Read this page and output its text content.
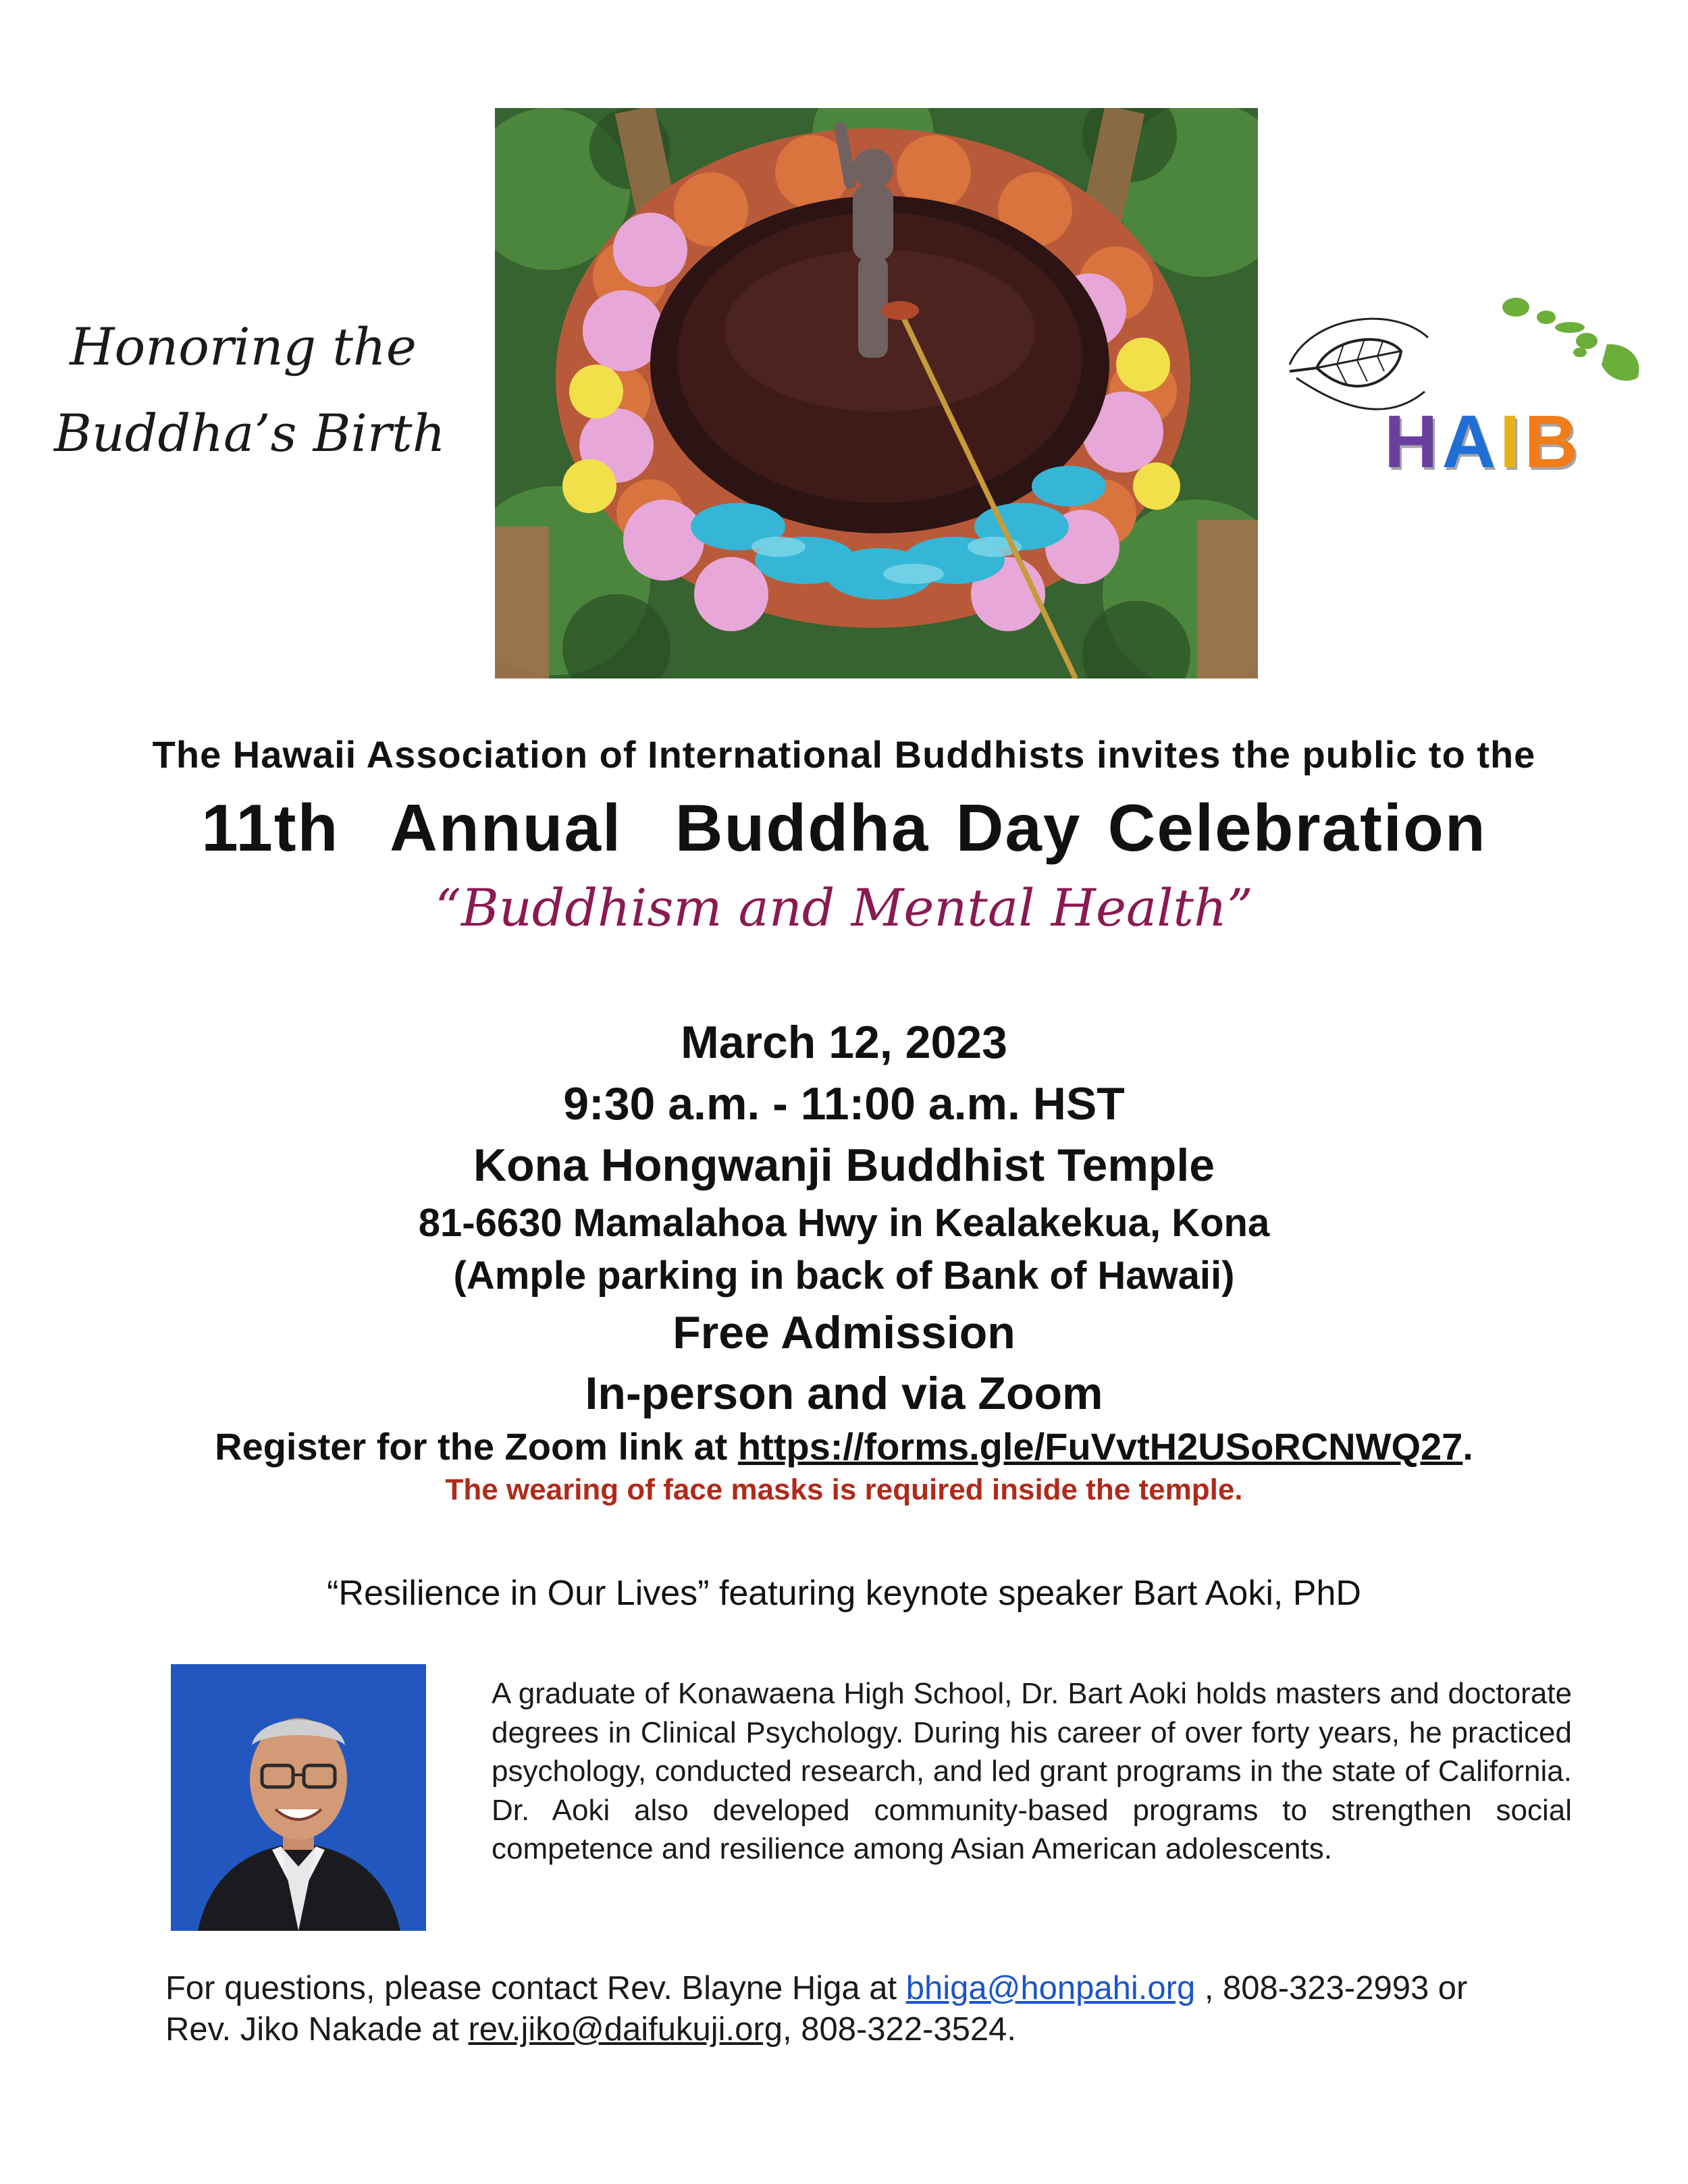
Honoring the
Buddha’s Birth	HAIB
The Hawaii Association of International Buddhists invites the public to the
11th  Annual  Buddha Day Celebration
“Buddhism and Mental Health”
March 12, 2023
9:30 a.m. - 11:00 a.m. HST
Kona Hongwanji Buddhist Temple
81-6630 Mamalahoa Hwy in Kealakekua, Kona
(Ample parking in back of Bank of Hawaii)
Free Admission
In-person and via Zoom
Register for the Zoom link at https://forms.gle/FuVvtH2USoRCNWQ27.
The wearing of face masks is required inside the temple.
“Resilience in Our Lives” featuring keynote speaker Bart Aoki, PhD
A graduate of Konawaena High School, Dr. Bart Aoki holds masters and doctorate degrees in Clinical Psychology. During his career of over forty years, he practiced psychology, conducted research, and led grant programs in the state of California. Dr. Aoki also developed community-based programs to strengthen social competence and resilience among Asian American adolescents.
For questions, please contact Rev. Blayne Higa at bhiga@honpahi.org , 808-323-2993 or
Rev. Jiko Nakade at rev.jiko@daifukuji.org, 808-322-3524.
